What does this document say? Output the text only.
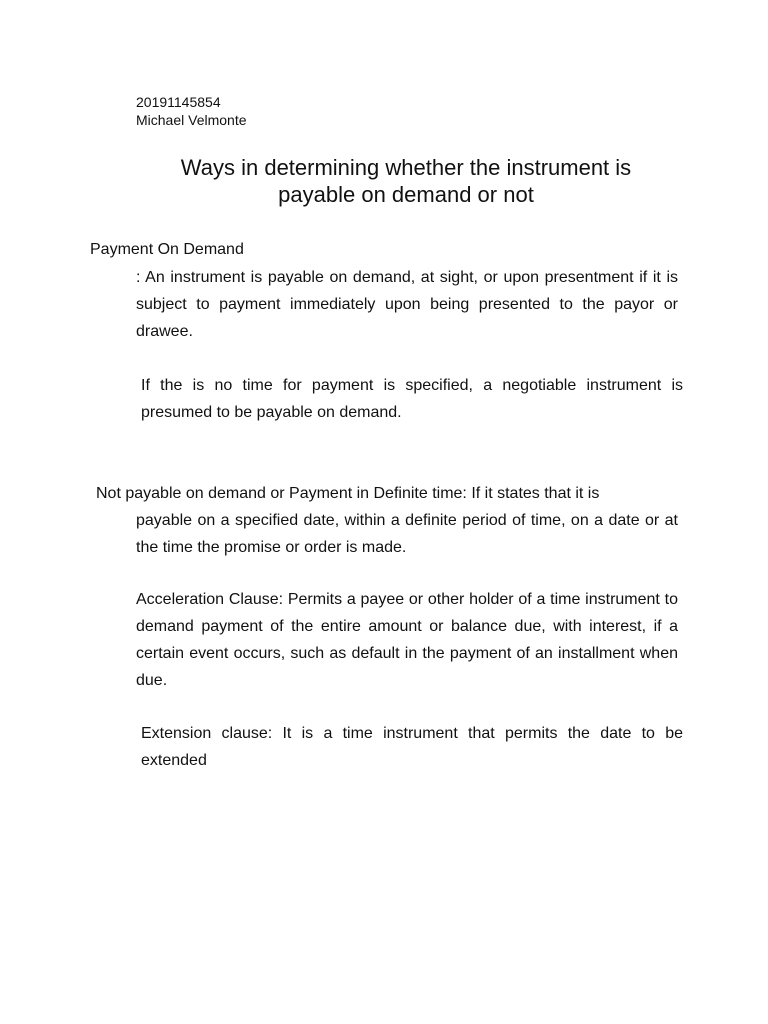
20191145854

Michael Velmonte

Ways in determining whether the instrument is
payable on demand or not

Payment On Demand

: An instrument is payable on demand, at sight, or upon presentment if it is subject to payment immediately upon being presented to the payor or drawee.

If the is no time for payment is specified, a negotiable instrument is presumed to be payable on demand.

Not payable on demand or Payment in Definite time: If it states that it is

payable on a specified date, within a definite period of time, on a date or at the time the promise or order is made.

Acceleration Clause: Permits a payee or other holder of a time instrument to demand payment of the entire amount or balance due, with interest, if a certain event occurs, such as default in the payment of an installment when due.

Extension clause: It is a time instrument that permits the date to be extended
